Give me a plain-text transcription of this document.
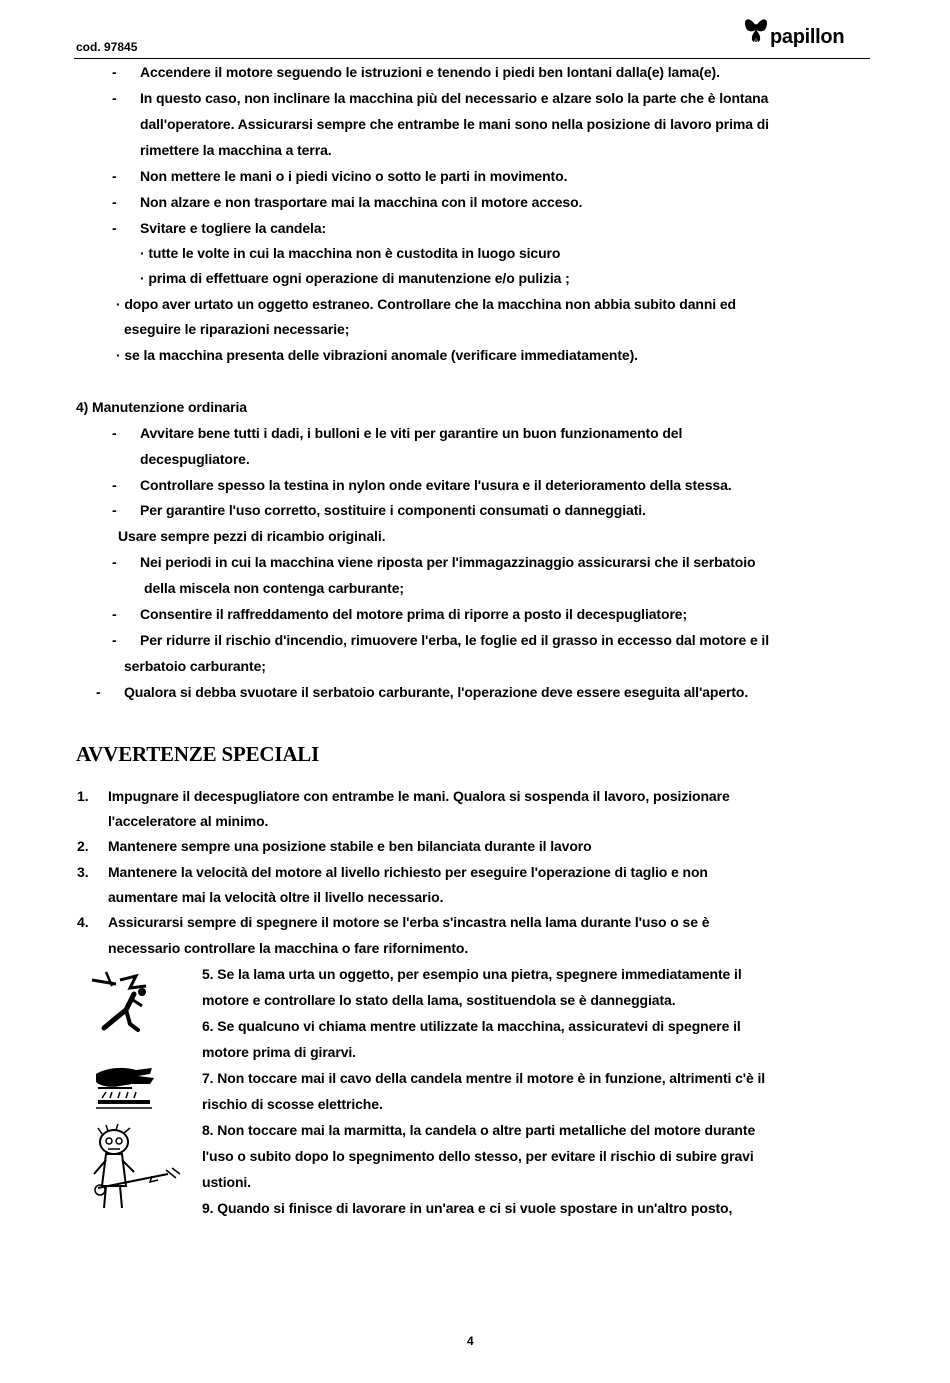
cod. 97845	papillon
- Accendere il motore seguendo le istruzioni e tenendo i piedi ben lontani dalla(e) lama(e).
- In questo caso, non inclinare la macchina più del necessario e alzare solo la parte che è lontana
dall'operatore. Assicurarsi sempre che entrambe le mani sono nella posizione di lavoro prima di
rimettere la macchina a terra.
- Non mettere le mani o i piedi vicino o sotto le parti in movimento.
- Non alzare e non trasportare mai la macchina con il motore acceso.
- Svitare e togliere la candela:
· tutte le volte in cui la macchina non è custodita in luogo sicuro
· prima di effettuare ogni operazione di manutenzione e/o pulizia ;
· dopo aver urtato un oggetto estraneo. Controllare che la macchina non abbia subito danni ed
eseguire le riparazioni necessarie;
· se la macchina presenta delle vibrazioni anomale (verificare immediatamente).
4) Manutenzione ordinaria
- Avvitare bene tutti i dadi, i bulloni e le viti per garantire un buon funzionamento del
decespugliatore.
- Controllare spesso la testina in nylon onde evitare l'usura e il deterioramento della stessa.
- Per garantire l'uso corretto, sostituire i componenti consumati o danneggiati.
Usare sempre pezzi di ricambio originali.
- Nei periodi in cui la macchina viene riposta per l'immagazzinaggio assicurarsi che il serbatoio
della miscela non contenga carburante;
- Consentire il raffreddamento del motore prima di riporre a posto il decespugliatore;
- Per ridurre il rischio d'incendio, rimuovere l'erba, le foglie ed il grasso in eccesso dal motore e il
serbatoio carburante;
- Qualora si debba svuotare il serbatoio carburante, l'operazione deve essere eseguita all'aperto.
AVVERTENZE SPECIALI
1. Impugnare il decespugliatore con entrambe le mani. Qualora si sospenda il lavoro, posizionare
l'acceleratore al minimo.
2. Mantenere sempre una posizione stabile e ben bilanciata durante il lavoro
3. Mantenere la velocità del motore al livello richiesto per eseguire l'operazione di taglio e non
aumentare mai la velocità oltre il livello necessario.
4. Assicurarsi sempre di spegnere il motore se l'erba s'incastra nella lama durante l'uso o se è
necessario controllare la macchina o fare rifornimento.
5. Se la lama urta un oggetto, per esempio una pietra, spegnere immediatamente il
motore e controllare lo stato della lama, sostituendola se è danneggiata.
6. Se qualcuno vi chiama mentre utilizzate la macchina, assicuratevi di spegnere il
motore prima di girarvi.
7. Non toccare mai il cavo della candela mentre il motore è in funzione, altrimenti c'è il
rischio di scosse elettriche.
8. Non toccare mai la marmitta, la candela o altre parti metalliche del motore durante
l'uso o subito dopo lo spegnimento dello stesso, per evitare il rischio di subire gravi
ustioni.
9. Quando si finisce di lavorare in un'area e ci si vuole spostare in un'altro posto,
4
